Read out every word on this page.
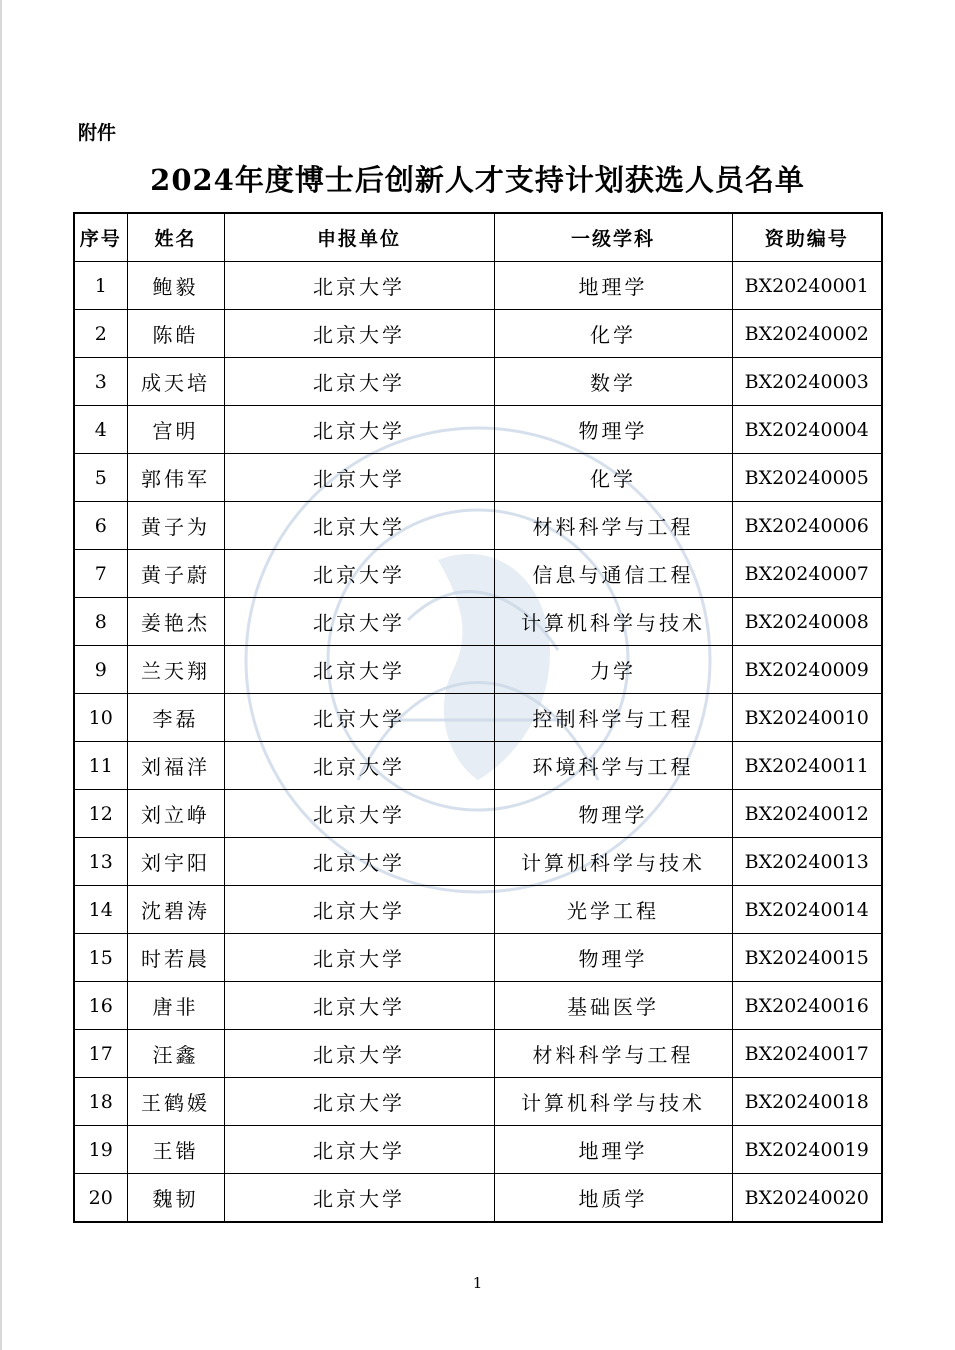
附件
2024年度博士后创新人才支持计划获选人员名单
序号	姓名	申报单位	一级学科	资助编号
1	鲍毅	北京大学	地理学	BX20240001
2	陈皓	北京大学	化学	BX20240002
3	成天培	北京大学	数学	BX20240003
4	宫明	北京大学	物理学	BX20240004
5	郭伟军	北京大学	化学	BX20240005
6	黄子为	北京大学	材料科学与工程	BX20240006
7	黄子蔚	北京大学	信息与通信工程	BX20240007
8	姜艳杰	北京大学	计算机科学与技术	BX20240008
9	兰天翔	北京大学	力学	BX20240009
10	李磊	北京大学	控制科学与工程	BX20240010
11	刘福洋	北京大学	环境科学与工程	BX20240011
12	刘立峥	北京大学	物理学	BX20240012
13	刘宇阳	北京大学	计算机科学与技术	BX20240013
14	沈碧涛	北京大学	光学工程	BX20240014
15	时若晨	北京大学	物理学	BX20240015
16	唐非	北京大学	基础医学	BX20240016
17	汪鑫	北京大学	材料科学与工程	BX20240017
18	王鹤媛	北京大学	计算机科学与技术	BX20240018
19	王锴	北京大学	地理学	BX20240019
20	魏韧	北京大学	地质学	BX20240020
1
